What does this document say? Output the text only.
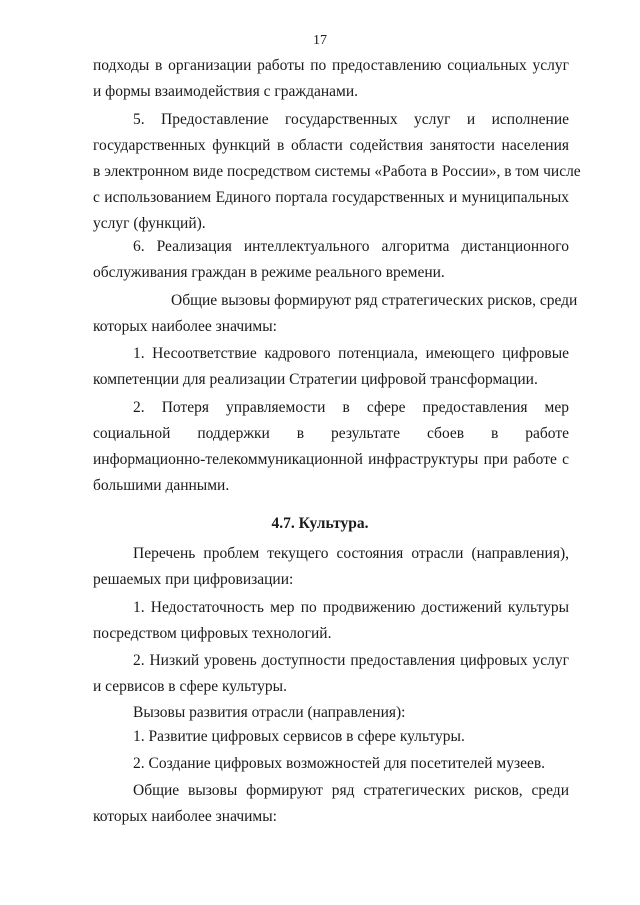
17
подходы в организации работы по предоставлению социальных услуг
и формы взаимодействия с гражданами.
5. Предоставление государственных услуг и исполнение
государственных функций в области содействия занятости населения
в электронном виде посредством системы «Работа в России», в том числе
с использованием Единого портала государственных и муниципальных
услуг (функций).
6. Реализация интеллектуального алгоритма дистанционного
обслуживания граждан в режиме реального времени.
Общие вызовы формируют ряд стратегических рисков, среди
которых наиболее значимы:
1. Несоответствие кадрового потенциала, имеющего цифровые
компетенции для реализации Стратегии цифровой трансформации.
2. Потеря управляемости в сфере предоставления мер
социальной поддержки в результате сбоев в работе
информационно-телекоммуникационной инфраструктуры при работе с
большими данными.
4.7. Культура.
Перечень проблем текущего состояния отрасли (направления),
решаемых при цифровизации:
1. Недостаточность мер по продвижению достижений культуры
посредством цифровых технологий.
2. Низкий уровень доступности предоставления цифровых услуг
и сервисов в сфере культуры.
Вызовы развития отрасли (направления):
1. Развитие цифровых сервисов в сфере культуры.
2. Создание цифровых возможностей для посетителей музеев.
Общие вызовы формируют ряд стратегических рисков, среди
которых наиболее значимы:
